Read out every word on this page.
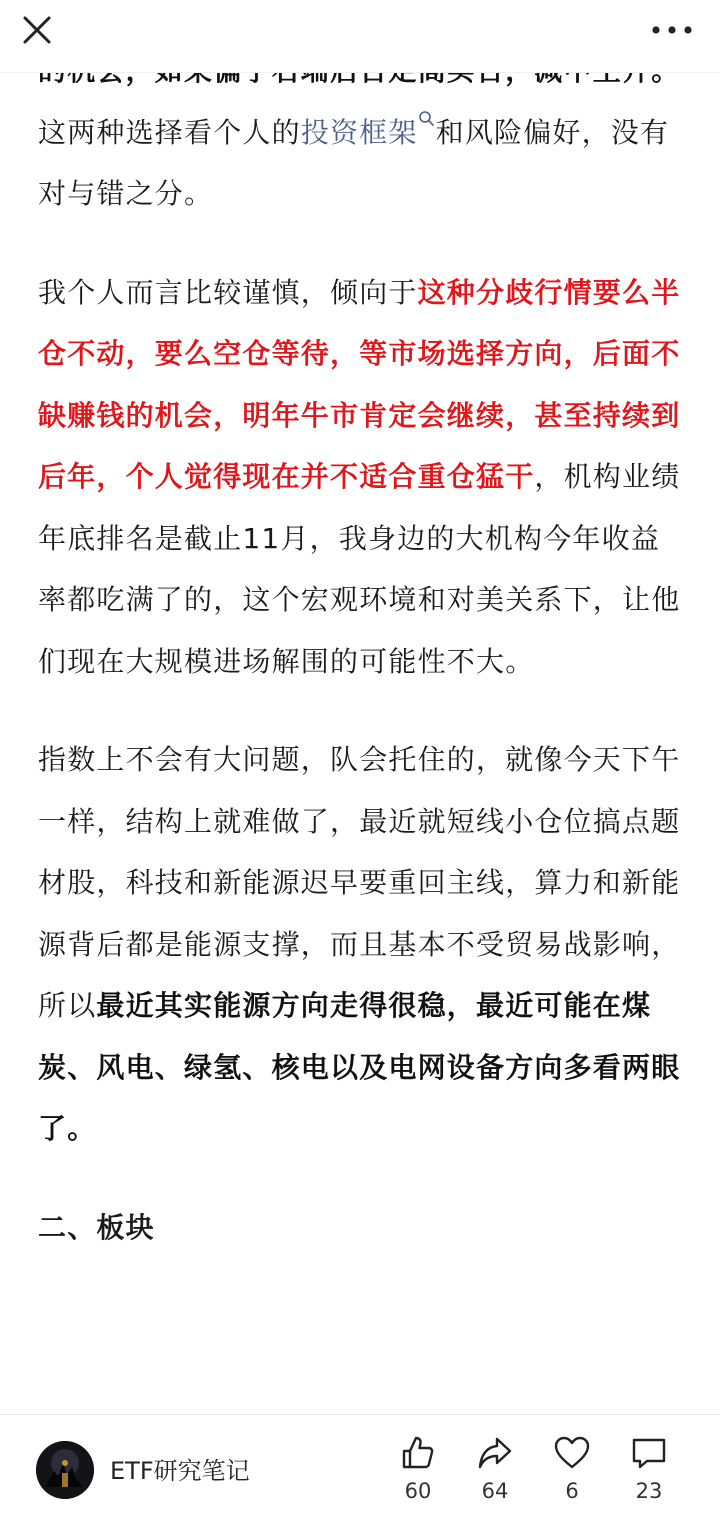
这两种选择看个人的投资框架 和风险偏好，没有对与错之分。

我个人而言比较谨慎，倾向于这种分歧行情要么半仓不动，要么空仓等待，等市场选择方向，后面不缺赚钱的机会，明年牛市肯定会继续，甚至持续到后年，个人觉得现在并不适合重仓猛干，机构业绩年底排名是截止11月，我身边的大机构今年收益率都吃满了的，这个宏观环境和对美关系下，让他们现在大规模进场解围的可能性不大。

指数上不会有大问题，队会托住的，就像今天下午一样，结构上就难做了，最近就短线小仓位搞点题材股，科技和新能源迟早要重回主线，算力和新能源背后都是能源支撑，而且基本不受贸易战影响，所以最近其实能源方向走得很稳，最近可能在煤炭、风电、绿氢、核电以及电网设备方向多看两眼了。

二、板块

ETF研究笔记
60	64	6	23
